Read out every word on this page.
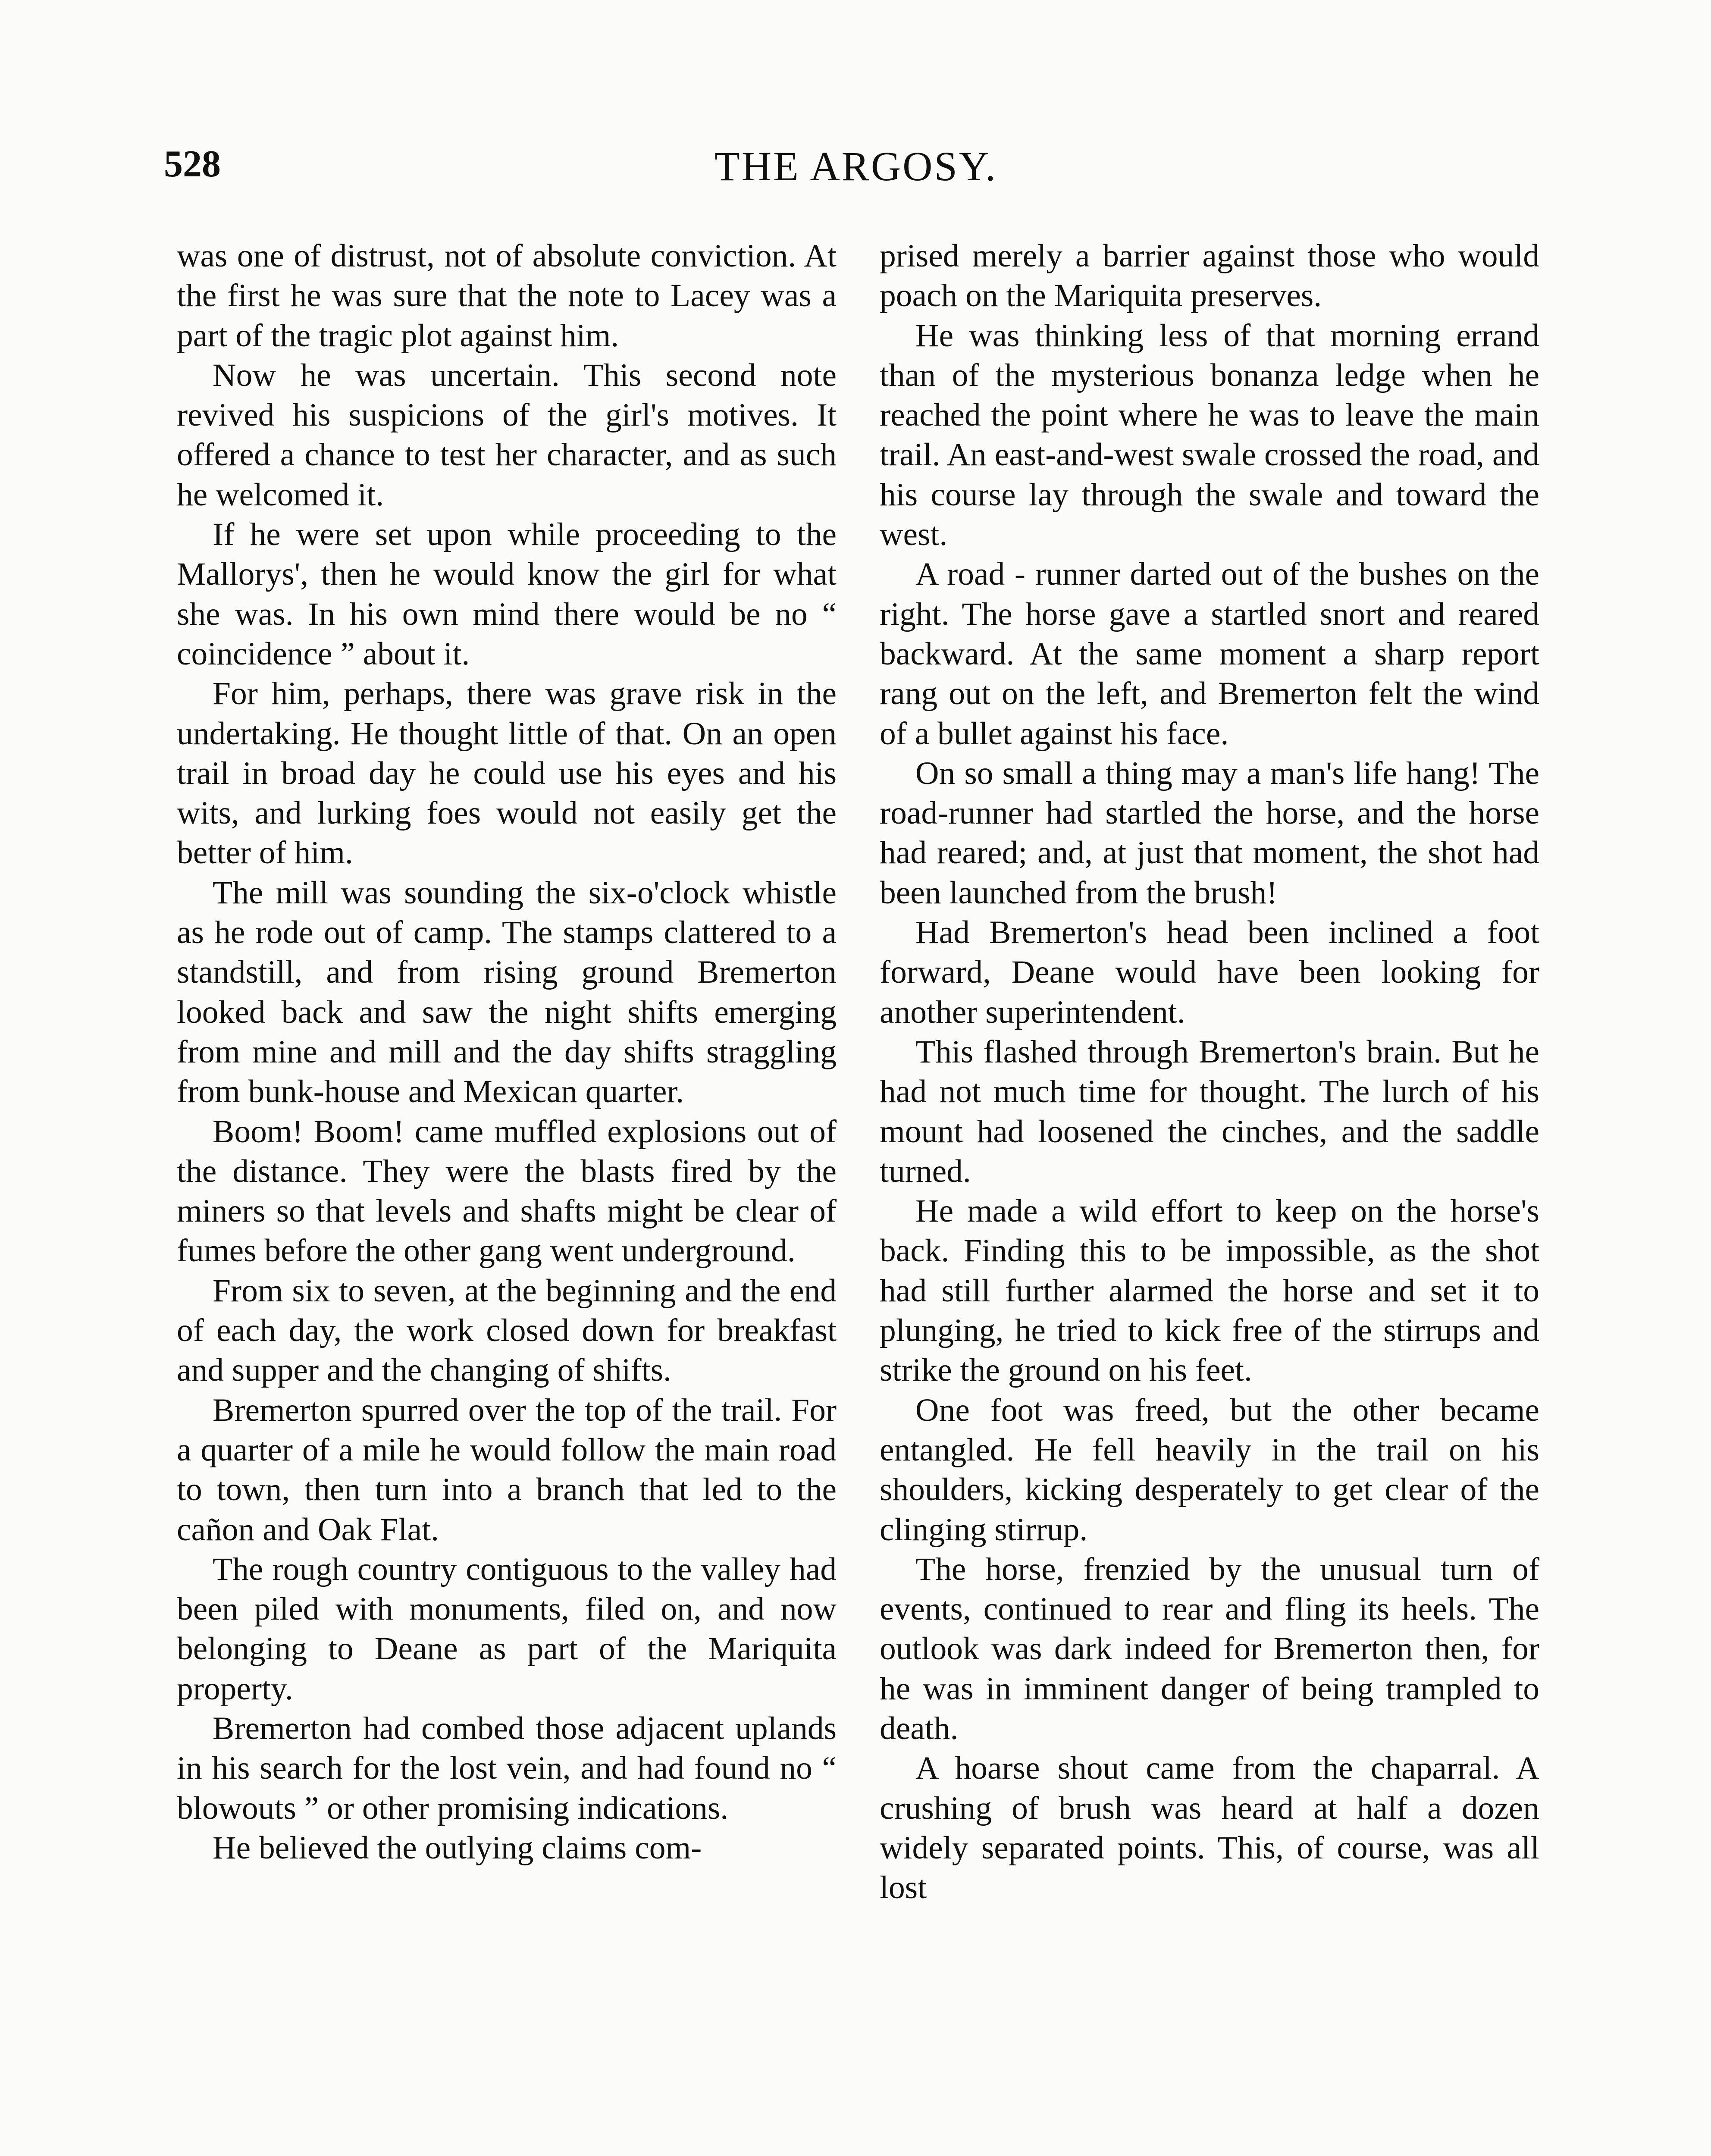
528	THE ARGOSY.

was one of distrust, not of absolute conviction. At the first he was sure that the note to Lacey was a part of the tragic plot against him.

Now he was uncertain. This second note revived his suspicions of the girl's motives. It offered a chance to test her character, and as such he welcomed it.

If he were set upon while proceeding to the Mallorys', then he would know the girl for what she was. In his own mind there would be no “ coincidence ” about it.

For him, perhaps, there was grave risk in the undertaking. He thought little of that. On an open trail in broad day he could use his eyes and his wits, and lurking foes would not easily get the better of him.

The mill was sounding the six-o'clock whistle as he rode out of camp. The stamps clattered to a standstill, and from rising ground Bremerton looked back and saw the night shifts emerging from mine and mill and the day shifts straggling from bunk-house and Mexican quarter.

Boom! Boom! came muffled explosions out of the distance. They were the blasts fired by the miners so that levels and shafts might be clear of fumes before the other gang went underground.

From six to seven, at the beginning and the end of each day, the work closed down for breakfast and supper and the changing of shifts.

Bremerton spurred over the top of the trail. For a quarter of a mile he would follow the main road to town, then turn into a branch that led to the cañon and Oak Flat.

The rough country contiguous to the valley had been piled with monuments, filed on, and now belonging to Deane as part of the Mariquita property.

Bremerton had combed those adjacent uplands in his search for the lost vein, and had found no “ blowouts ” or other promising indications.

He believed the outlying claims com-

prised merely a barrier against those who would poach on the Mariquita preserves.

He was thinking less of that morning errand than of the mysterious bonanza ledge when he reached the point where he was to leave the main trail. An east-and-west swale crossed the road, and his course lay through the swale and toward the west.

A road - runner darted out of the bushes on the right. The horse gave a startled snort and reared backward. At the same moment a sharp report rang out on the left, and Bremerton felt the wind of a bullet against his face.

On so small a thing may a man's life hang! The road-runner had startled the horse, and the horse had reared; and, at just that moment, the shot had been launched from the brush!

Had Bremerton's head been inclined a foot forward, Deane would have been looking for another superintendent.

This flashed through Bremerton's brain. But he had not much time for thought. The lurch of his mount had loosened the cinches, and the saddle turned.

He made a wild effort to keep on the horse's back. Finding this to be impossible, as the shot had still further alarmed the horse and set it to plunging, he tried to kick free of the stirrups and strike the ground on his feet.

One foot was freed, but the other became entangled. He fell heavily in the trail on his shoulders, kicking desperately to get clear of the clinging stirrup.

The horse, frenzied by the unusual turn of events, continued to rear and fling its heels. The outlook was dark indeed for Bremerton then, for he was in imminent danger of being trampled to death.

A hoarse shout came from the chaparral. A crushing of brush was heard at half a dozen widely separated points. This, of course, was all lost
